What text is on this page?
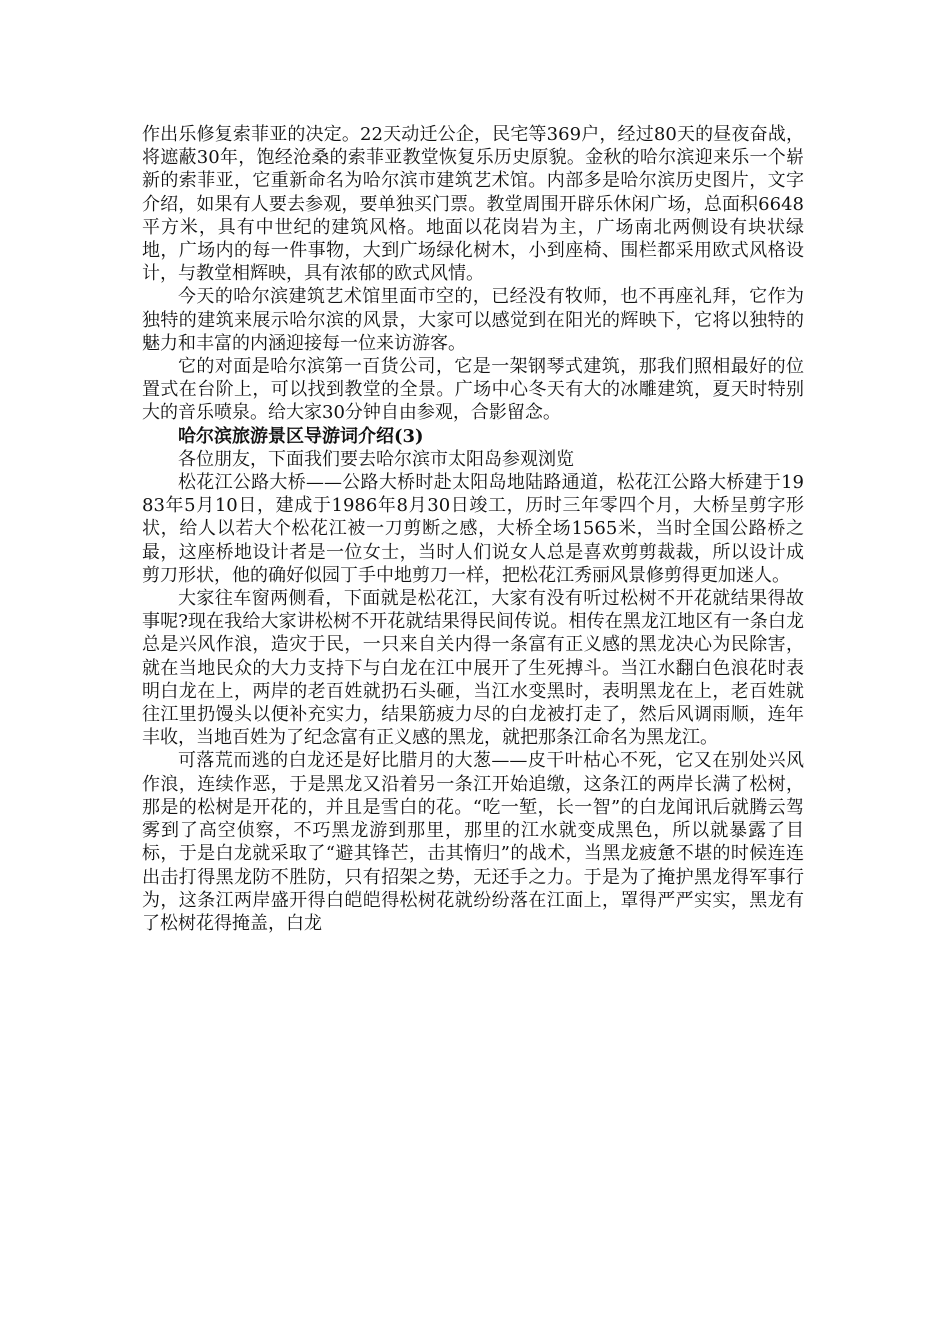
作出乐修复索菲亚的决定。22天动迁公企，民宅等369户，经过80天的昼夜奋战，将遮蔽30年，饱经沧桑的索菲亚教堂恢复乐历史原貌。金秋的哈尔滨迎来乐一个崭新的索菲亚，它重新命名为哈尔滨市建筑艺术馆。内部多是哈尔滨历史图片，文字介绍，如果有人要去参观，要单独买门票。教堂周围开辟乐休闲广场，总面积6648平方米，具有中世纪的建筑风格。地面以花岗岩为主，广场南北两侧设有块状绿地，广场内的每一件事物，大到广场绿化树木，小到座椅、围栏都采用欧式风格设计，与教堂相辉映，具有浓郁的欧式风情。

今天的哈尔滨建筑艺术馆里面市空的，已经没有牧师，也不再座礼拜，它作为独特的建筑来展示哈尔滨的风景，大家可以感觉到在阳光的辉映下，它将以独特的魅力和丰富的内涵迎接每一位来访游客。

它的对面是哈尔滨第一百货公司，它是一架钢琴式建筑，那我们照相最好的位置式在台阶上，可以找到教堂的全景。广场中心冬天有大的冰雕建筑，夏天时特别大的音乐喷泉。给大家30分钟自由参观，合影留念。

哈尔滨旅游景区导游词介绍(3)

各位朋友，下面我们要去哈尔滨市太阳岛参观浏览

松花江公路大桥——公路大桥时赴太阳岛地陆路通道，松花江公路大桥建于1983年5月10日，建成于1986年8月30日竣工，历时三年零四个月，大桥呈剪字形状，给人以若大个松花江被一刀剪断之感，大桥全场1565米，当时全国公路桥之最，这座桥地设计者是一位女士，当时人们说女人总是喜欢剪剪裁裁，所以设计成剪刀形状，他的确好似园丁手中地剪刀一样，把松花江秀丽风景修剪得更加迷人。

大家往车窗两侧看，下面就是松花江，大家有没有听过松树不开花就结果得故事呢?现在我给大家讲松树不开花就结果得民间传说。相传在黑龙江地区有一条白龙总是兴风作浪，造灾于民，一只来自关内得一条富有正义感的黑龙决心为民除害，就在当地民众的大力支持下与白龙在江中展开了生死搏斗。当江水翻白色浪花时表明白龙在上，两岸的老百姓就扔石头砸，当江水变黑时，表明黑龙在上，老百姓就往江里扔馒头以便补充实力，结果筋疲力尽的白龙被打走了，然后风调雨顺，连年丰收，当地百姓为了纪念富有正义感的黑龙，就把那条江命名为黑龙江。

可落荒而逃的白龙还是好比腊月的大葱——皮干叶枯心不死，它又在别处兴风作浪，连续作恶，于是黑龙又沿着另一条江开始追缴，这条江的两岸长满了松树，那是的松树是开花的，并且是雪白的花。“吃一堑，长一智”的白龙闻讯后就腾云驾雾到了高空侦察，不巧黑龙游到那里，那里的江水就变成黑色，所以就暴露了目标，于是白龙就采取了“避其锋芒，击其惰归”的战术，当黑龙疲惫不堪的时候连连出击打得黑龙防不胜防，只有招架之势，无还手之力。于是为了掩护黑龙得军事行为，这条江两岸盛开得白皑皑得松树花就纷纷落在江面上，罩得严严实实，黑龙有了松树花得掩盖，白龙
